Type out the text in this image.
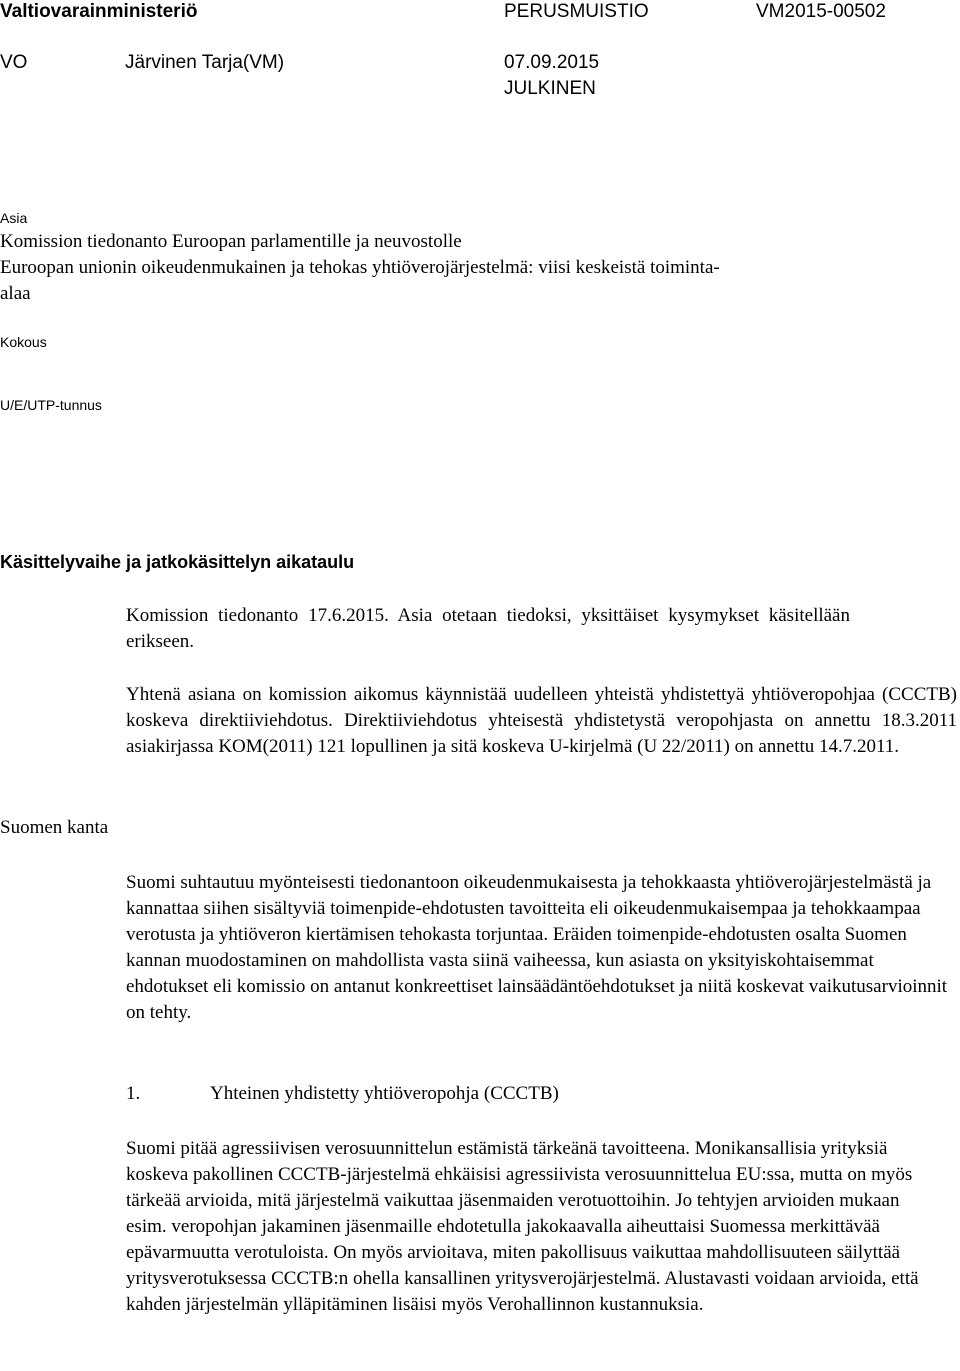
Valtiovarainministeriö	PERUSMUISTIO	VM2015-00502
VO	Järvinen Tarja(VM)	07.09.2015
JULKINEN
Asia
Komission tiedonanto Euroopan parlamentille ja neuvostolle
Euroopan unionin oikeudenmukainen ja tehokas yhtiöverojärjestelmä: viisi keskeistä toiminta-
alaa
Kokous
U/E/UTP-tunnus
Käsittelyvaihe ja jatkokäsittelyn aikataulu
Komission tiedonanto 17.6.2015. Asia otetaan tiedoksi, yksittäiset kysymykset käsitellään erikseen.
Yhtenä asiana on komission aikomus käynnistää uudelleen yhteistä yhdistettyä yhtiöveropohjaa (CCCTB) koskeva direktiiviehdotus. Direktiiviehdotus yhteisestä yhdistetystä veropohjasta on annettu 18.3.2011 asiakirjassa KOM(2011) 121 lopullinen ja sitä koskeva U-kirjelmä (U 22/2011) on annettu 14.7.2011.
Suomen kanta
Suomi suhtautuu myönteisesti tiedonantoon oikeudenmukaisesta ja tehokkaasta yhtiöverojärjestelmästä ja kannattaa siihen sisältyviä toimenpide-ehdotusten tavoitteita eli oikeudenmukaisempaa ja tehokkaampaa verotusta ja yhtiöveron kiertämisen tehokasta torjuntaa. Eräiden toimenpide-ehdotusten osalta Suomen kannan muodostaminen on mahdollista vasta siinä vaiheessa, kun asiasta on yksityiskohtaisemmat ehdotukset eli komissio on antanut konkreettiset lainsäädäntöehdotukset ja niitä koskevat vaikutusarvioinnit on tehty.
1.	Yhteinen yhdistetty yhtiöveropohja (CCCTB)
Suomi pitää agressiivisen verosuunnittelun estämistä tärkeänä tavoitteena. Monikansallisia yrityksiä koskeva pakollinen CCCTB-järjestelmä ehkäisisi agressiivista verosuunnittelua EU:ssa, mutta on myös tärkeää arvioida, mitä järjestelmä vaikuttaa jäsenmaiden verotuottoihin. Jo tehtyjen arvioiden mukaan esim. veropohjan jakaminen jäsenmaille ehdotetulla jakokaavalla aiheuttaisi Suomessa merkittävää epävarmuutta verotuloista. On myös arvioitava, miten pakollisuus vaikuttaa mahdollisuuteen säilyttää yritysverotuksessa CCCTB:n ohella kansallinen yritysverojärjestelmä. Alustavasti voidaan arvioida, että kahden järjestelmän ylläpitäminen lisäisi myös Verohallinnon kustannuksia.
